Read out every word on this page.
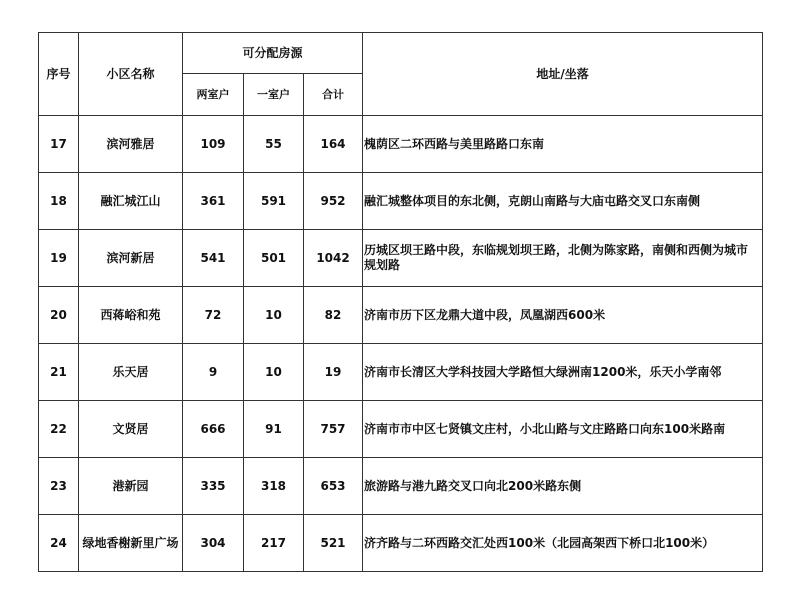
序号	小区名称	可分配房源			地址/坐落
		两室户	一室户	合计	
17	滨河雅居	109	55	164	槐荫区二环西路与美里路路口东南
18	融汇城江山	361	591	952	融汇城整体项目的东北侧，克朗山南路与大庙屯路交叉口东南侧
19	滨河新居	541	501	1042	历城区坝王路中段，东临规划坝王路，北侧为陈家路，南侧和西侧为城市规划路
20	西蒋峪和苑	72	10	82	济南市历下区龙鼎大道中段，凤凰湖西600米
21	乐天居	9	10	19	济南市长清区大学科技园大学路恒大绿洲南1200米，乐天小学南邻
22	文贤居	666	91	757	济南市市中区七贤镇文庄村，小北山路与文庄路路口向东100米路南
23	港新园	335	318	653	旅游路与港九路交叉口向北200米路东侧
24	绿地香榭新里广场	304	217	521	济齐路与二环西路交汇处西100米（北园高架西下桥口北100米）
